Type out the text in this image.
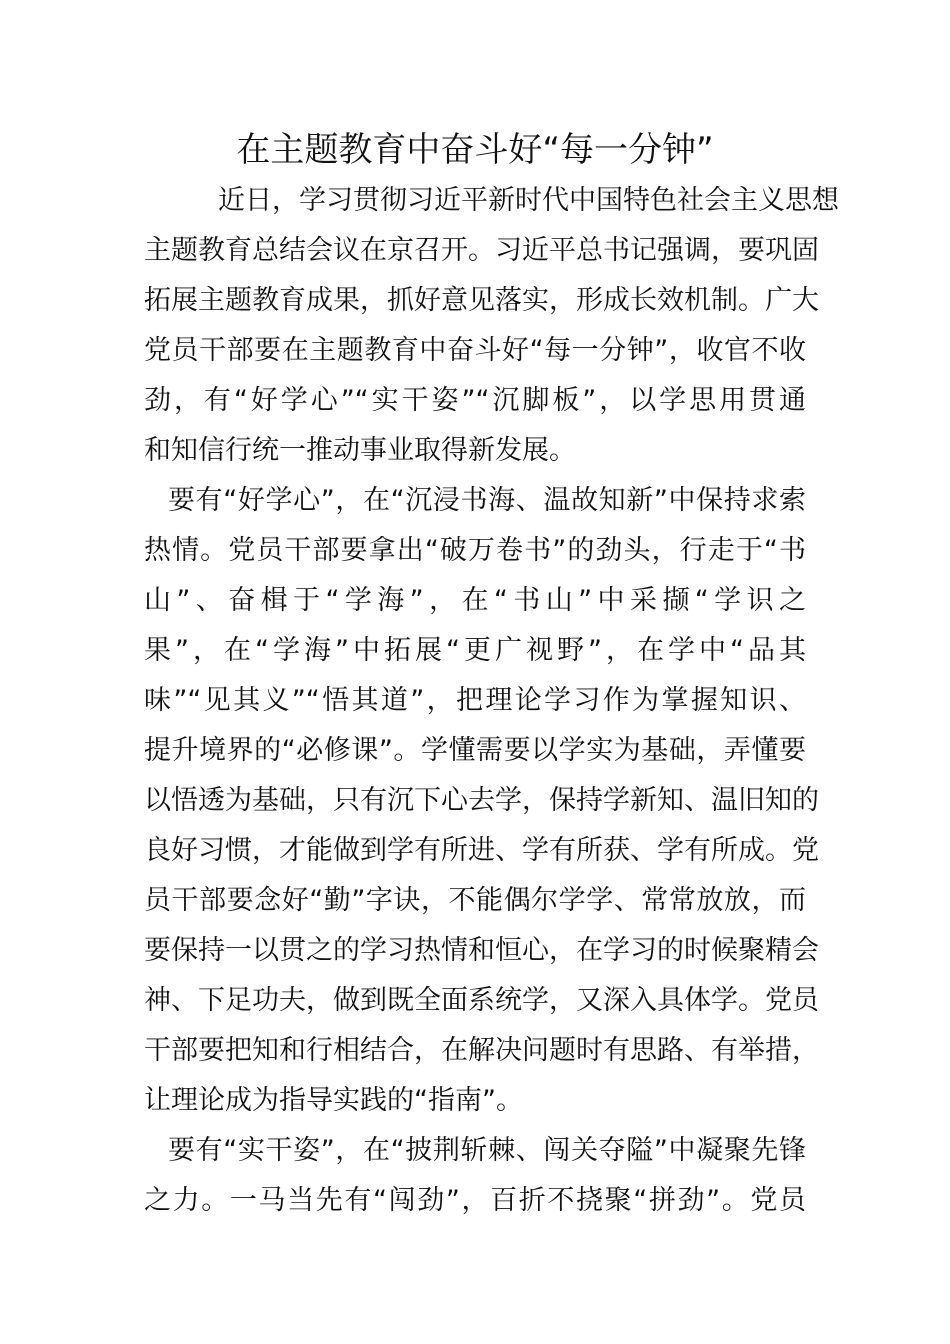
在主题教育中奋斗好“每一分钟”

近日，学习贯彻习近平新时代中国特色社会主义思想

主题教育总结会议在京召开。习近平总书记强调，要巩固

拓展主题教育成果，抓好意见落实，形成长效机制。广大

党员干部要在主题教育中奋斗好“每一分钟”，收官不收

劲，有“好学心”“实干姿”“沉脚板”，以学思用贯通

和知信行统一推动事业取得新发展。

要有“好学心”，在“沉浸书海、温故知新”中保持求索

热情。党员干部要拿出“破万卷书”的劲头，行走于“书

山”、奋楫于“学海”，在“书山”中采撷“学识之

果”，在“学海”中拓展“更广视野”，在学中“品其

味”“见其义”“悟其道”，把理论学习作为掌握知识、

提升境界的“必修课”。学懂需要以学实为基础，弄懂要

以悟透为基础，只有沉下心去学，保持学新知、温旧知的

良好习惯，才能做到学有所进、学有所获、学有所成。党

员干部要念好“勤”字诀，不能偶尔学学、常常放放，而

要保持一以贯之的学习热情和恒心，在学习的时候聚精会

神、下足功夫，做到既全面系统学，又深入具体学。党员

干部要把知和行相结合，在解决问题时有思路、有举措，

让理论成为指导实践的“指南”。

要有“实干姿”，在“披荆斩棘、闯关夺隘”中凝聚先锋

之力。一马当先有“闯劲”，百折不挠聚“拼劲”。党员
